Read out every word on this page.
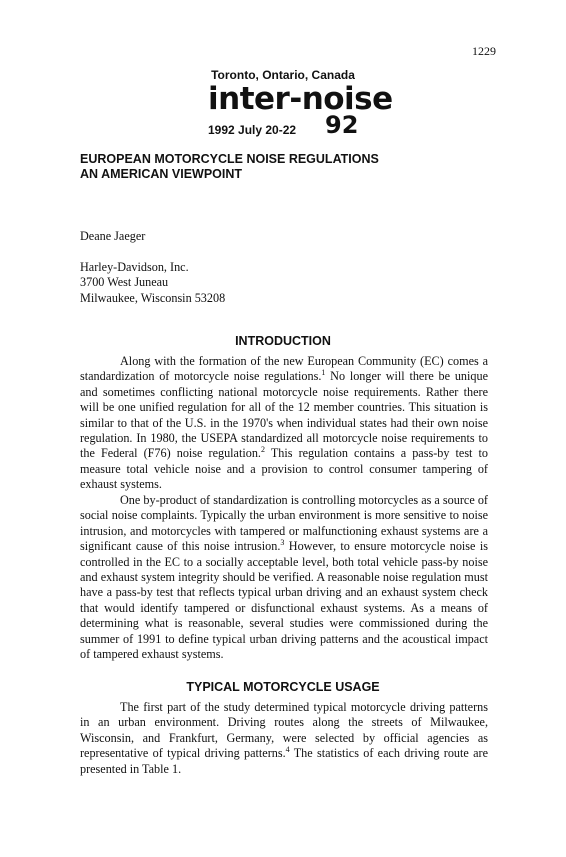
1229
Toronto, Ontario, Canada
inter-noise
1992 July 20-22 92
EUROPEAN MOTORCYCLE NOISE REGULATIONS
AN AMERICAN VIEWPOINT
Deane Jaeger
Harley-Davidson, Inc.
3700 West Juneau
Milwaukee, Wisconsin 53208
INTRODUCTION

Along with the formation of the new European Community (EC) comes a standardization of motorcycle noise regulations.$^1$ No longer will there be unique and sometimes conflicting national motorcycle noise requirements. Rather there will be one unified regulation for all of the 12 member countries. This situation is similar to that of the U.S. in the 1970's when individual states had their own noise regulation. In 1980, the USEPA standardized all motorcycle noise requirements to the Federal (F76) noise regulation.$^2$ This regulation contains a pass-by test to measure total vehicle noise and a provision to control consumer tampering of exhaust systems.

One by-product of standardization is controlling motorcycles as a source of social noise complaints. Typically the urban environment is more sensitive to noise intrusion, and motorcycles with tampered or malfunctioning exhaust systems are a significant cause of this noise intrusion.$^3$ However, to ensure motorcycle noise is controlled in the EC to a socially acceptable level, both total vehicle pass-by noise and exhaust system integrity should be verified. A reasonable noise regulation must have a pass-by test that reflects typical urban driving and an exhaust system check that would identify tampered or disfunctional exhaust systems. As a means of determining what is reasonable, several studies were commissioned during the summer of 1991 to define typical urban driving patterns and the acoustical impact of tampered exhaust systems.

TYPICAL MOTORCYCLE USAGE

The first part of the study determined typical motorcycle driving patterns in an urban environment. Driving routes along the streets of Milwaukee, Wisconsin, and Frankfurt, Germany, were selected by official agencies as representative of typical driving patterns.$^4$ The statistics of each driving route are presented in Table 1.
